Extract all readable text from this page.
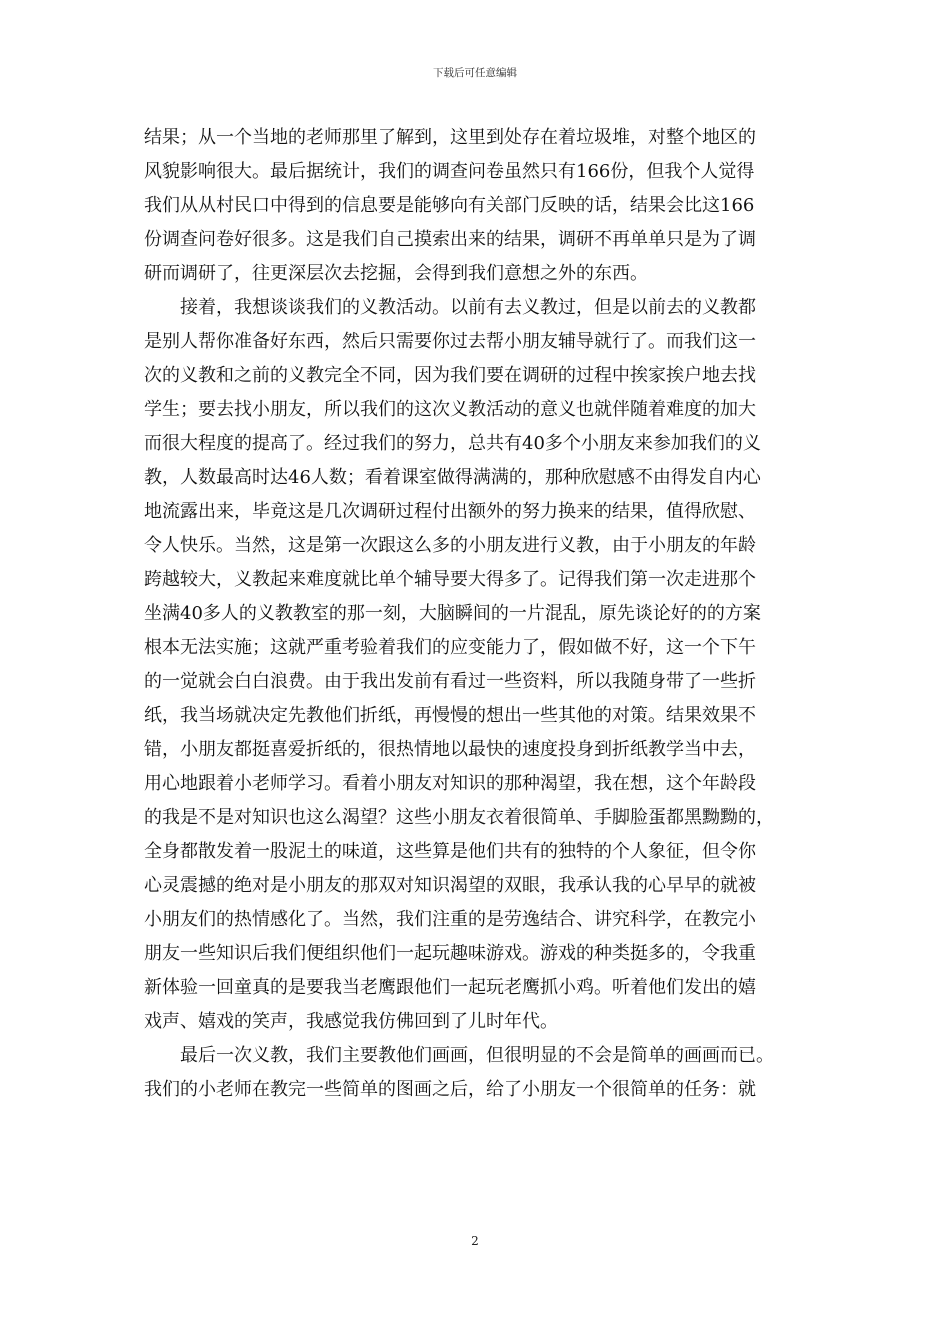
下载后可任意编辑
结果；从一个当地的老师那里了解到，这里到处存在着垃圾堆，对整个地区的
风貌影响很大。最后据统计，我们的调查问卷虽然只有166份，但我个人觉得
我们从从村民口中得到的信息要是能够向有关部门反映的话，结果会比这166
份调查问卷好很多。这是我们自己摸索出来的结果，调研不再单单只是为了调
研而调研了，往更深层次去挖掘，会得到我们意想之外的东西。
接着，我想谈谈我们的义教活动。以前有去义教过，但是以前去的义教都
是别人帮你准备好东西，然后只需要你过去帮小朋友辅导就行了。而我们这一
次的义教和之前的义教完全不同，因为我们要在调研的过程中挨家挨户地去找
学生；要去找小朋友，所以我们的这次义教活动的意义也就伴随着难度的加大
而很大程度的提高了。经过我们的努力，总共有40多个小朋友来参加我们的义
教，人数最高时达46人数；看着课室做得满满的，那种欣慰感不由得发自内心
地流露出来，毕竟这是几次调研过程付出额外的努力换来的结果，值得欣慰、
令人快乐。当然，这是第一次跟这么多的小朋友进行义教，由于小朋友的年龄
跨越较大，义教起来难度就比单个辅导要大得多了。记得我们第一次走进那个
坐满40多人的义教教室的那一刻，大脑瞬间的一片混乱，原先谈论好的的方案
根本无法实施；这就严重考验着我们的应变能力了，假如做不好，这一个下午
的一觉就会白白浪费。由于我出发前有看过一些资料，所以我随身带了一些折
纸，我当场就决定先教他们折纸，再慢慢的想出一些其他的对策。结果效果不
错，小朋友都挺喜爱折纸的，很热情地以最快的速度投身到折纸教学当中去，
用心地跟着小老师学习。看着小朋友对知识的那种渴望，我在想，这个年龄段
的我是不是对知识也这么渴望？这些小朋友衣着很简单、手脚脸蛋都黑黝黝的，
全身都散发着一股泥土的味道，这些算是他们共有的独特的个人象征，但令你
心灵震撼的绝对是小朋友的那双对知识渴望的双眼，我承认我的心早早的就被
小朋友们的热情感化了。当然，我们注重的是劳逸结合、讲究科学，在教完小
朋友一些知识后我们便组织他们一起玩趣味游戏。游戏的种类挺多的，令我重
新体验一回童真的是要我当老鹰跟他们一起玩老鹰抓小鸡。听着他们发出的嬉
戏声、嬉戏的笑声，我感觉我仿佛回到了儿时年代。
最后一次义教，我们主要教他们画画，但很明显的不会是简单的画画而已。
我们的小老师在教完一些简单的图画之后，给了小朋友一个很简单的任务：就
2
